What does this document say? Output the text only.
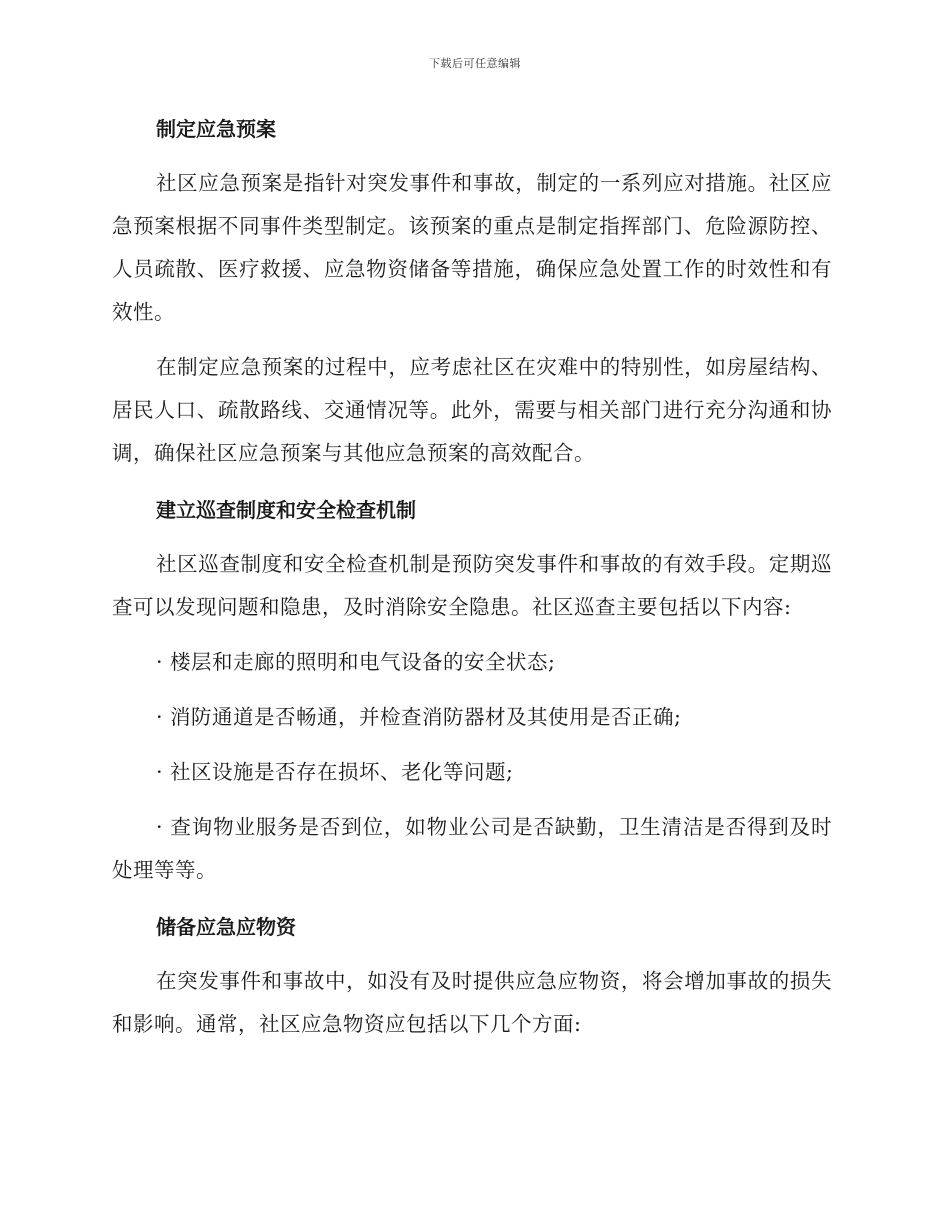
下载后可任意编辑
制定应急预案

社区应急预案是指针对突发事件和事故，制定的一系列应对措施。社区应急预案根据不同事件类型制定。该预案的重点是制定指挥部门、危险源防控、人员疏散、医疗救援、应急物资储备等措施，确保应急处置工作的时效性和有效性。

在制定应急预案的过程中，应考虑社区在灾难中的特别性，如房屋结构、居民人口、疏散路线、交通情况等。此外，需要与相关部门进行充分沟通和协调，确保社区应急预案与其他应急预案的高效配合。

建立巡查制度和安全检查机制

社区巡查制度和安全检查机制是预防突发事件和事故的有效手段。定期巡查可以发现问题和隐患，及时消除安全隐患。社区巡查主要包括以下内容:

· 楼层和走廊的照明和电气设备的安全状态;

· 消防通道是否畅通，并检查消防器材及其使用是否正确;

· 社区设施是否存在损坏、老化等问题;

· 查询物业服务是否到位，如物业公司是否缺勤，卫生清洁是否得到及时处理等等。

储备应急应物资

在突发事件和事故中，如没有及时提供应急应物资，将会增加事故的损失和影响。通常，社区应急物资应包括以下几个方面:
